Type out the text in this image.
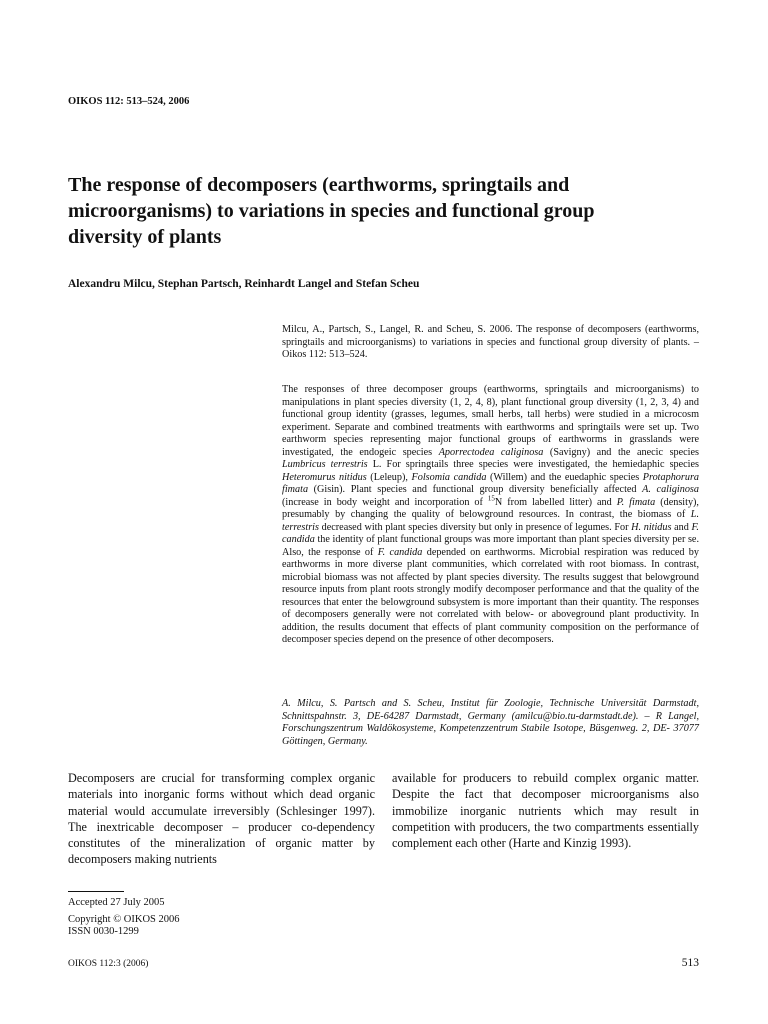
OIKOS 112: 513–524, 2006
The response of decomposers (earthworms, springtails and microorganisms) to variations in species and functional group diversity of plants
Alexandru Milcu, Stephan Partsch, Reinhardt Langel and Stefan Scheu
Milcu, A., Partsch, S., Langel, R. and Scheu, S. 2006. The response of decomposers (earthworms, springtails and microorganisms) to variations in species and functional group diversity of plants. – Oikos 112: 513–524.
The responses of three decomposer groups (earthworms, springtails and microorganisms) to manipulations in plant species diversity (1, 2, 4, 8), plant functional group diversity (1, 2, 3, 4) and functional group identity (grasses, legumes, small herbs, tall herbs) were studied in a microcosm experiment. Separate and combined treatments with earthworms and springtails were set up. Two earthworm species representing major functional groups of earthworms in grasslands were investigated, the endogeic species Aporrectodea caliginosa (Savigny) and the anecic species Lumbricus terrestris L. For springtails three species were investigated, the hemiedaphic species Heteromurus nitidus (Leleup), Folsomia candida (Willem) and the euedaphic species Protaphorura fimata (Gisin). Plant species and functional group diversity beneficially affected A. caliginosa (increase in body weight and incorporation of $^{15}$N from labelled litter) and P. fimata (density), presumably by changing the quality of belowground resources. In contrast, the biomass of L. terrestris decreased with plant species diversity but only in presence of legumes. For H. nitidus and F. candida the identity of plant functional groups was more important than plant species diversity per se. Also, the response of F. candida depended on earthworms. Microbial respiration was reduced by earthworms in more diverse plant communities, which correlated with root biomass. In contrast, microbial biomass was not affected by plant species diversity. The results suggest that belowground resource inputs from plant roots strongly modify decomposer performance and that the quality of the resources that enter the belowground subsystem is more important than their quantity. The responses of decomposers generally were not correlated with below- or aboveground plant productivity. In addition, the results document that effects of plant community composition on the performance of decomposer species depend on the presence of other decomposers.
A. Milcu, S. Partsch and S. Scheu, Institut für Zoologie, Technische Universität Darmstadt, Schnittspahnstr. 3, DE-64287 Darmstadt, Germany (amilcu@bio.tu-darmstadt.de). – R Langel, Forschungszentrum Waldökosysteme, Kompetenzzentrum Stabile Isotope, Büsgenweg. 2, DE- 37077 Göttingen, Germany.
Decomposers are crucial for transforming complex organic materials into inorganic forms without which dead organic material would accumulate irreversibly (Schlesinger 1997). The inextricable decomposer – producer co-dependency constitutes of the mineralization of organic matter by decomposers making nutrients
available for producers to rebuild complex organic matter. Despite the fact that decomposer microorganisms also immobilize inorganic nutrients which may result in competition with producers, the two compartments essentially complement each other (Harte and Kinzig 1993).
Accepted 27 July 2005
Copyright © OIKOS 2006
ISSN 0030-1299
OIKOS 112:3 (2006)	513
